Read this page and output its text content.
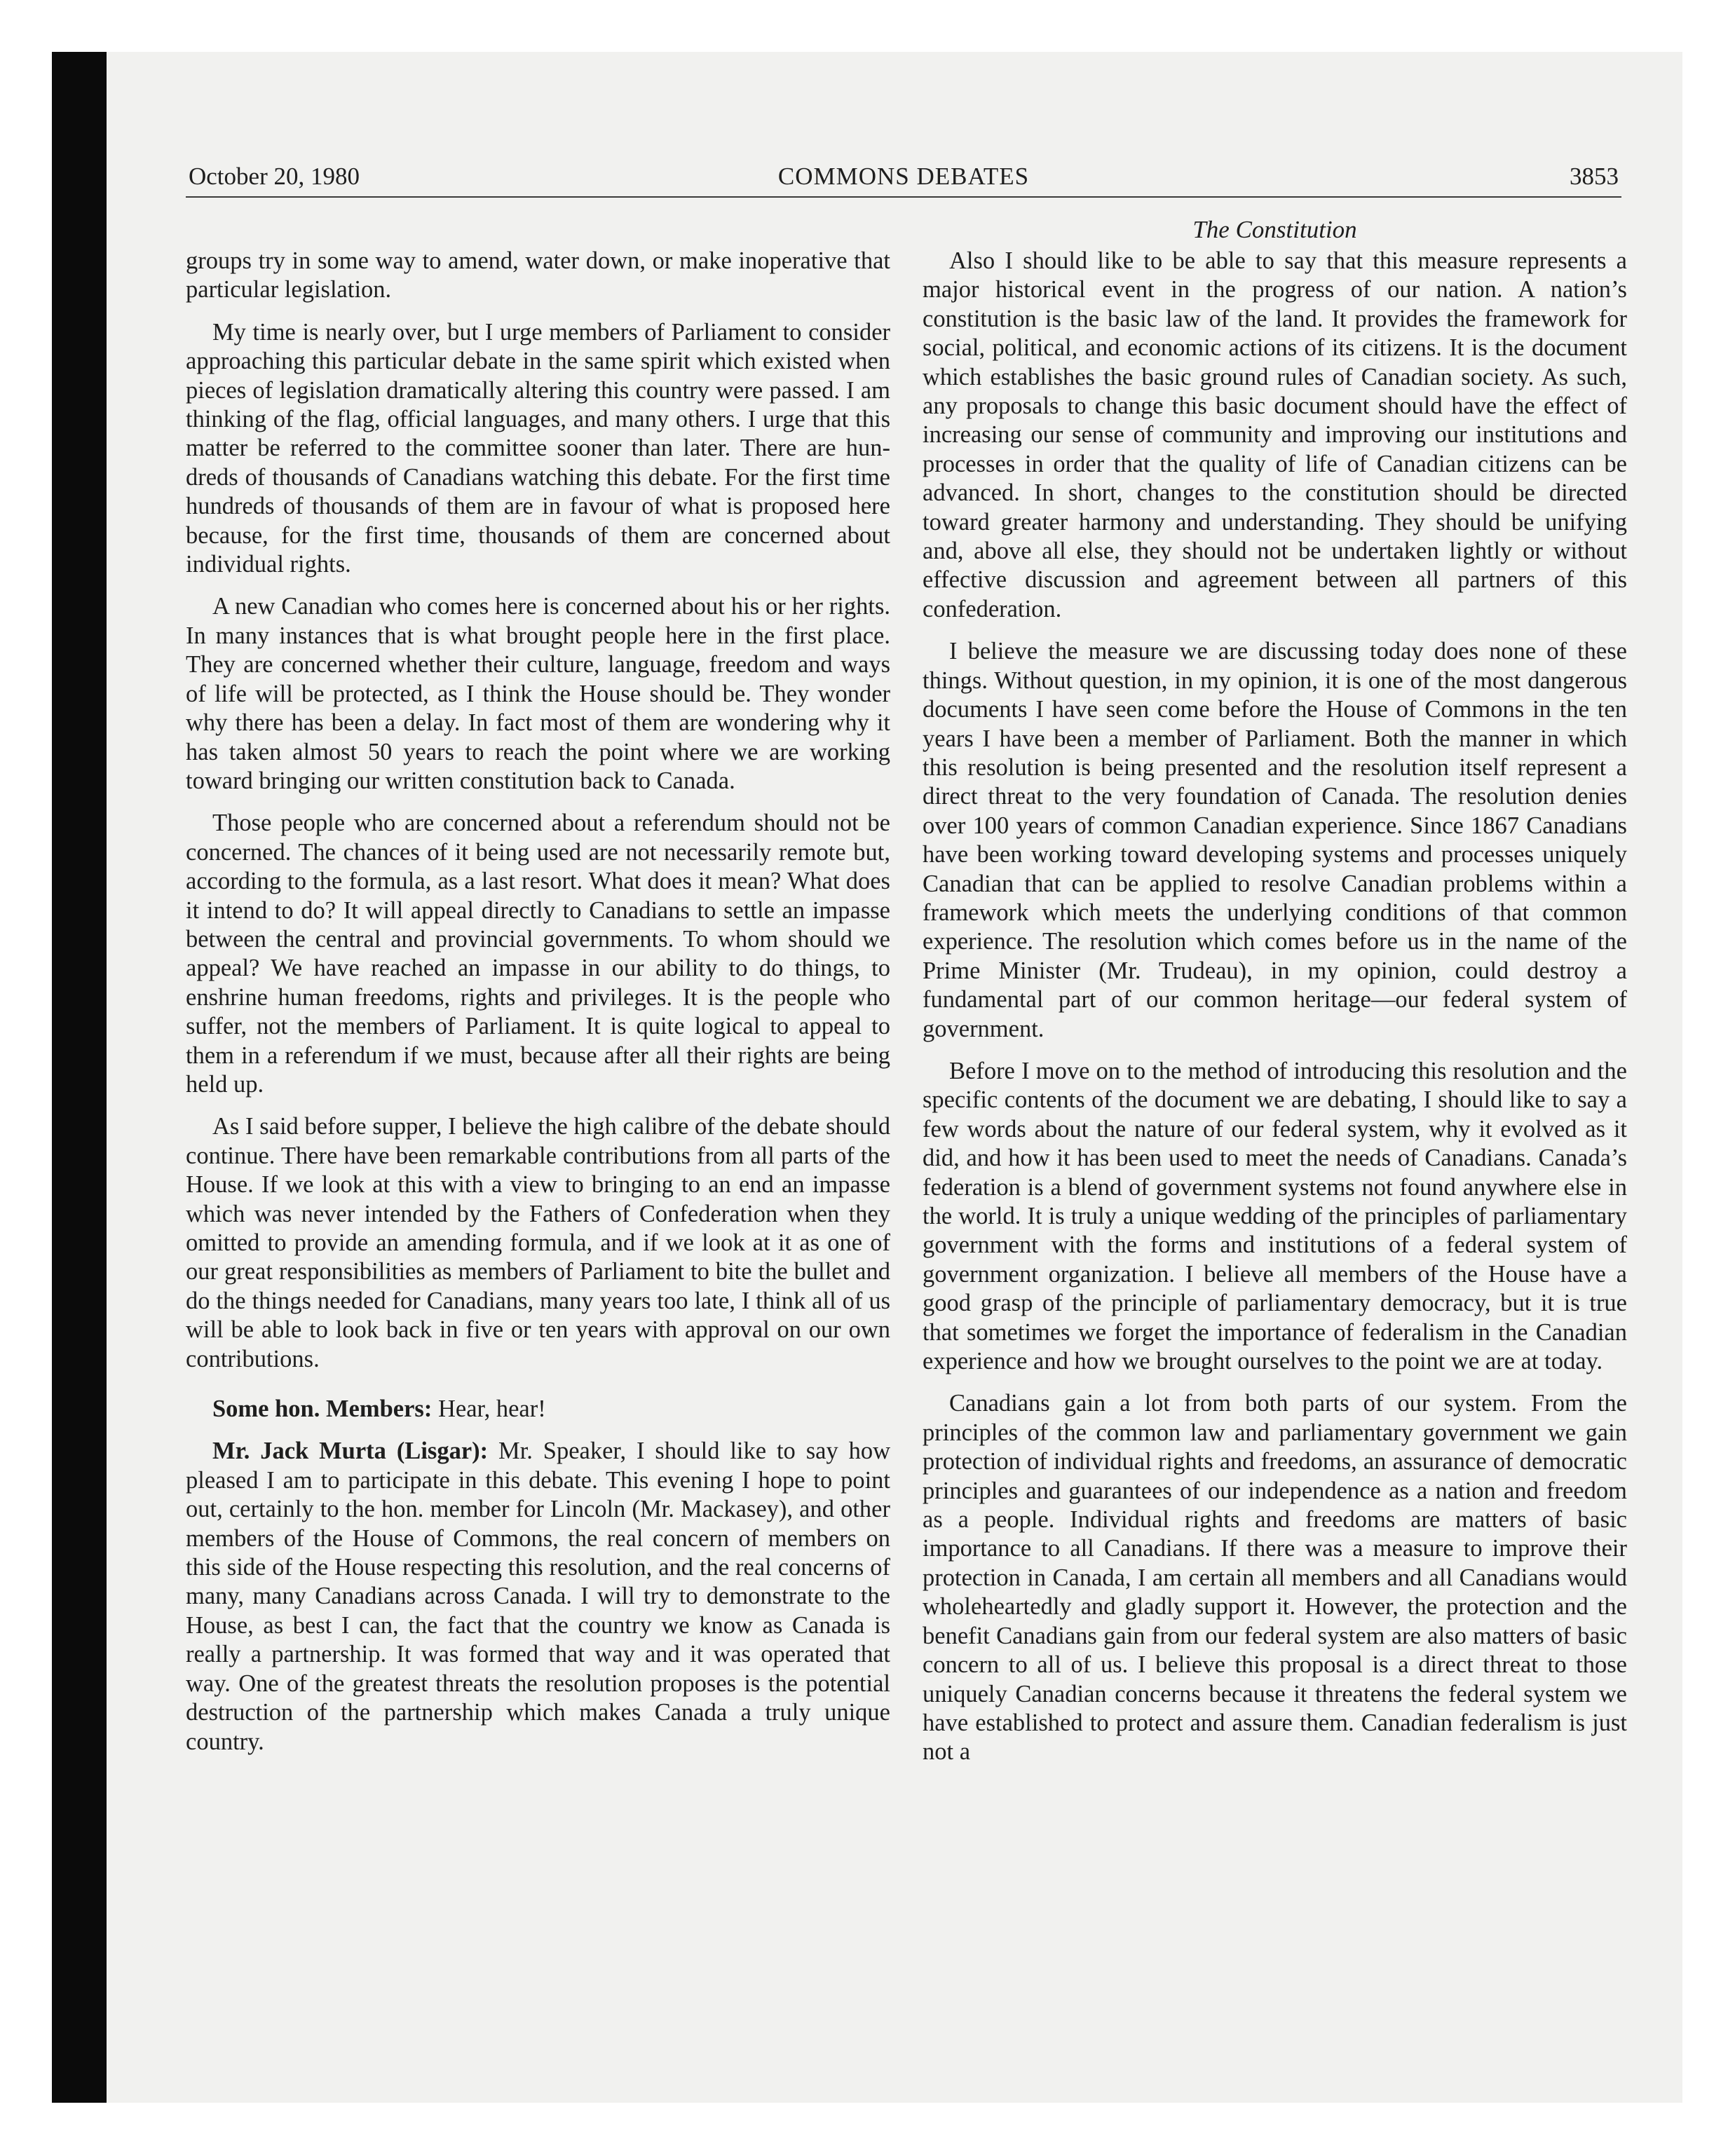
October 20, 1980	COMMONS DEBATES	3853
The Constitution

groups try in some way to amend, water down, or make inoperative that particular legislation.

My time is nearly over, but I urge members of Parliament to consider approaching this particular debate in the same spirit which existed when pieces of legislation dramatically altering this country were passed. I am thinking of the flag, official languages, and many others. I urge that this matter be referred to the committee sooner than later. There are hundreds of thousands of Canadians watching this debate. For the first time hundreds of thousands of them are in favour of what is proposed here because, for the first time, thousands of them are concerned about individual rights.

A new Canadian who comes here is concerned about his or her rights. In many instances that is what brought people here in the first place. They are concerned whether their culture, language, freedom and ways of life will be protected, as I think the House should be. They wonder why there has been a delay. In fact most of them are wondering why it has taken almost 50 years to reach the point where we are working toward bringing our written constitution back to Canada.

Those people who are concerned about a referendum should not be concerned. The chances of it being used are not necessarily remote but, according to the formula, as a last resort. What does it mean? What does it intend to do? It will appeal directly to Canadians to settle an impasse between the central and provincial governments. To whom should we appeal? We have reached an impasse in our ability to do things, to enshrine human freedoms, rights and privileges. It is the people who suffer, not the members of Parliament. It is quite logical to appeal to them in a referendum if we must, because after all their rights are being held up.

As I said before supper, I believe the high calibre of the debate should continue. There have been remarkable contributions from all parts of the House. If we look at this with a view to bringing to an end an impasse which was never intended by the Fathers of Confederation when they omitted to provide an amending formula, and if we look at it as one of our great responsibilities as members of Parliament to bite the bullet and do the things needed for Canadians, many years too late, I think all of us will be able to look back in five or ten years with approval on our own contributions.

Some hon. Members: Hear, hear!

Mr. Jack Murta (Lisgar): Mr. Speaker, I should like to say how pleased I am to participate in this debate. This evening I hope to point out, certainly to the hon. member for Lincoln (Mr. Mackasey), and other members of the House of Commons, the real concern of members on this side of the House respecting this resolution, and the real concerns of many, many Canadians across Canada. I will try to demonstrate to the House, as best I can, the fact that the country we know as Canada is really a partnership. It was formed that way and it was operated that way. One of the greatest threats the resolution proposes is the potential destruction of the partnership which makes Canada a truly unique country.

Also I should like to be able to say that this measure represents a major historical event in the progress of our nation. A nation’s constitution is the basic law of the land. It provides the framework for social, political, and economic actions of its citizens. It is the document which establishes the basic ground rules of Canadian society. As such, any proposals to change this basic document should have the effect of increasing our sense of community and improving our institutions and processes in order that the quality of life of Canadian citizens can be advanced. In short, changes to the constitution should be directed toward greater harmony and understanding. They should be unifying and, above all else, they should not be undertaken lightly or without effective discussion and agreement between all partners of this confederation.

I believe the measure we are discussing today does none of these things. Without question, in my opinion, it is one of the most dangerous documents I have seen come before the House of Commons in the ten years I have been a member of Parliament. Both the manner in which this resolution is being presented and the resolution itself represent a direct threat to the very foundation of Canada. The resolution denies over 100 years of common Canadian experience. Since 1867 Canadians have been working toward developing systems and processes uniquely Canadian that can be applied to resolve Canadian problems within a framework which meets the underlying conditions of that common experience. The resolution which comes before us in the name of the Prime Minister (Mr. Trudeau), in my opinion, could destroy a fundamental part of our common heritage—our federal system of government.

Before I move on to the method of introducing this resolution and the specific contents of the document we are debating, I should like to say a few words about the nature of our federal system, why it evolved as it did, and how it has been used to meet the needs of Canadians. Canada’s federation is a blend of government systems not found anywhere else in the world. It is truly a unique wedding of the principles of parliamentary government with the forms and institutions of a federal system of government organization. I believe all members of the House have a good grasp of the principle of parliamentary democracy, but it is true that sometimes we forget the importance of federalism in the Canadian experience and how we brought ourselves to the point we are at today.

Canadians gain a lot from both parts of our system. From the principles of the common law and parliamentary government we gain protection of individual rights and freedoms, an assurance of democratic principles and guarantees of our independence as a nation and freedom as a people. Individual rights and freedoms are matters of basic importance to all Canadians. If there was a measure to improve their protection in Canada, I am certain all members and all Canadians would wholeheartedly and gladly support it. However, the protection and the benefit Canadians gain from our federal system are also matters of basic concern to all of us. I believe this proposal is a direct threat to those uniquely Canadian concerns because it threatens the federal system we have established to protect and assure them. Canadian federalism is just not a
